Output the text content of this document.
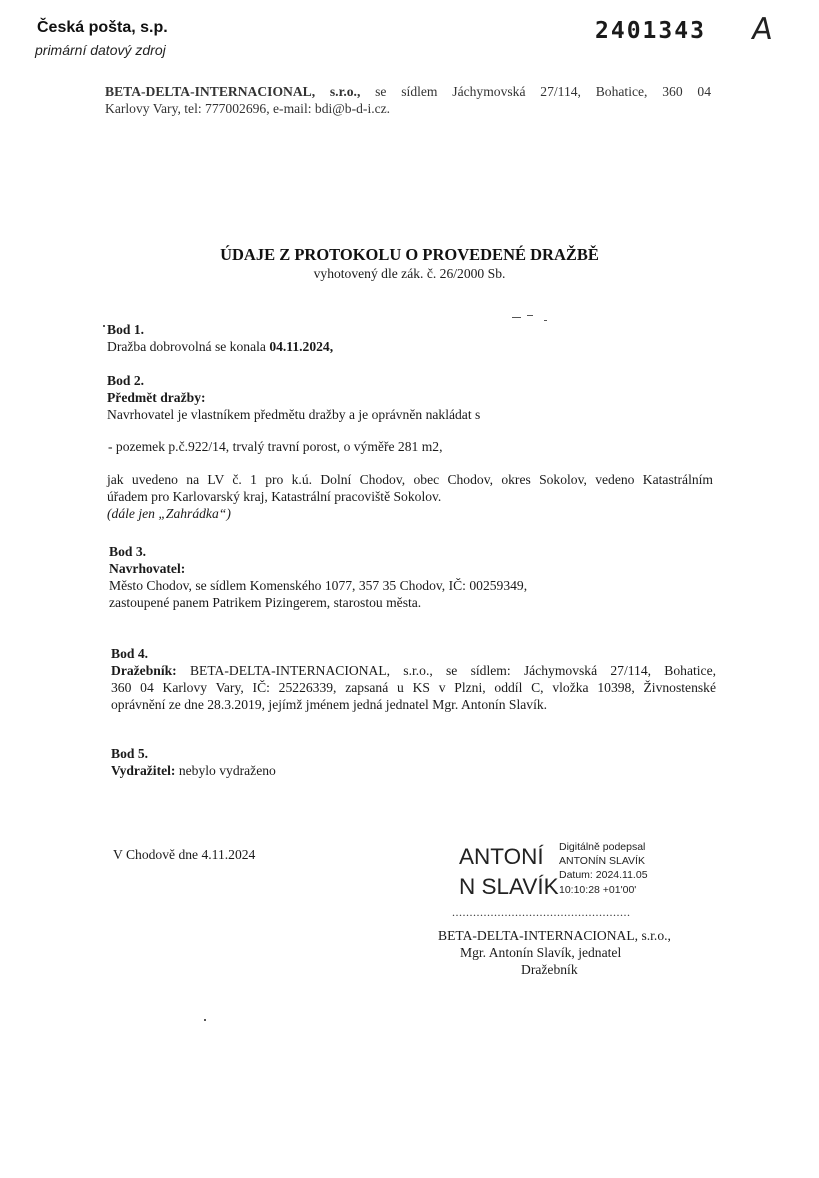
Česká pošta, s.p.
primární datový zdroj
2401343 A
BETA-DELTA-INTERNACIONAL, s.r.o., se sídlem Jáchymovská 27/114, Bohatice, 360 04
Karlovy Vary, tel: 777002696, e-mail: bdi@b-d-i.cz.
ÚDAJE Z PROTOKOLU O PROVEDENÉ DRAŽBĚ
vyhotovený dle zák. č. 26/2000 Sb.
Bod 1.
Dražba dobrovolná se konala 04.11.2024,
Bod 2.
Předmět dražby:
Navrhovatel je vlastníkem předmětu dražby a je oprávněn nakládat s
- pozemek p.č.922/14, trvalý travní porost, o výměře 281 m2,
jak uvedeno na LV č. 1 pro k.ú. Dolní Chodov, obec Chodov, okres Sokolov, vedeno Katastrálním
úřadem pro Karlovarský kraj, Katastrální pracoviště Sokolov.
(dále jen „Zahrádka“)
Bod 3.
Navrhovatel:
Město Chodov, se sídlem Komenského 1077, 357 35 Chodov, IČ: 00259349,
zastoupené panem Patrikem Pizingerem, starostou města.
Bod 4.
Dražebník: BETA-DELTA-INTERNACIONAL, s.r.o., se sídlem: Jáchymovská 27/114, Bohatice,
360 04 Karlovy Vary, IČ: 25226339, zapsaná u KS v Plzni, oddíl C, vložka 10398, Živnostenské
oprávnění ze dne 28.3.2019, jejímž jménem jedná jednatel Mgr. Antonín Slavík.
Bod 5.
Vydražitel: nebylo vydraženo
V Chodově dne 4.11.2024	ANTONÍ
N SLAVÍK
Digitálně podepsal
ANTONÍN SLAVÍK
Datum: 2024.11.05
10:10:28 +01'00'
...................................................
BETA-DELTA-INTERNACIONAL, s.r.o.,
Mgr. Antonín Slavík, jednatel
Dražebník
